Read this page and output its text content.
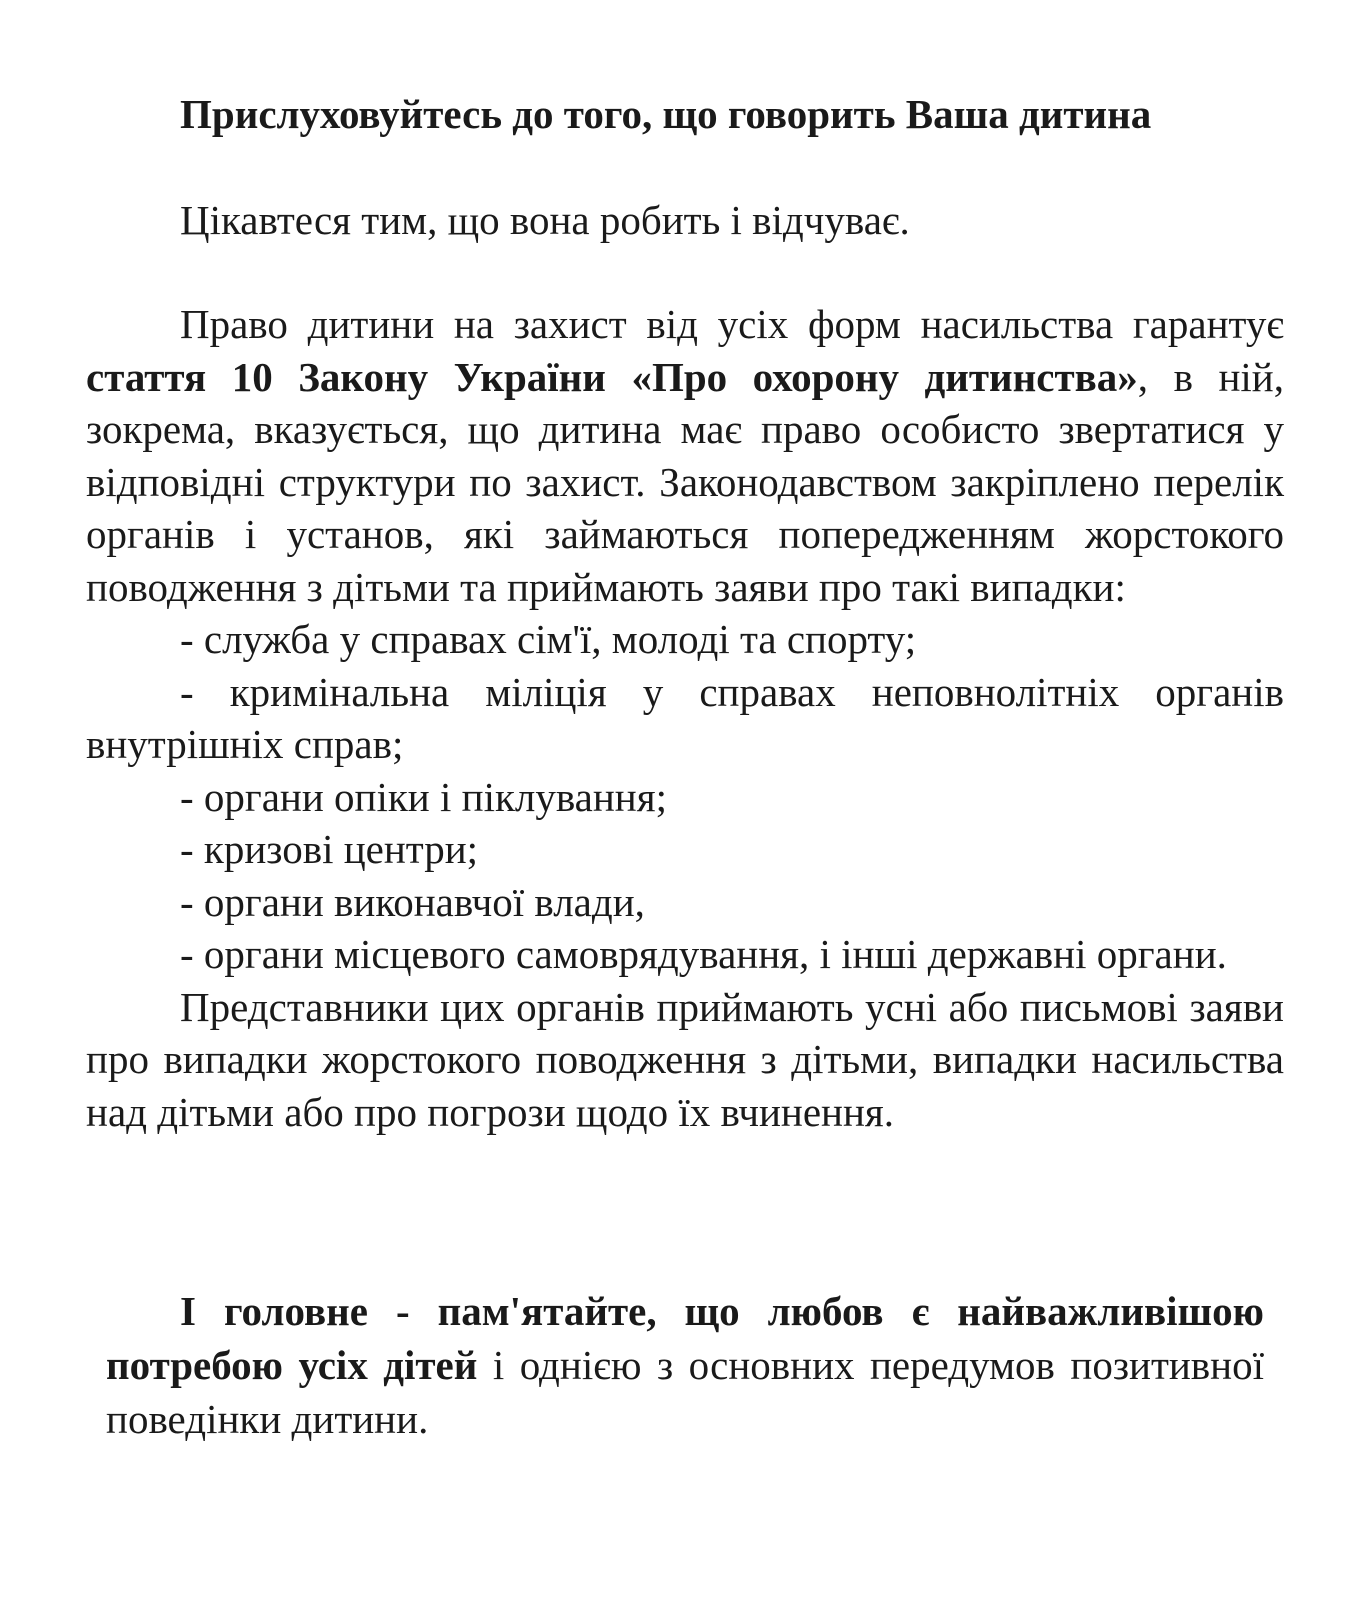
Прислуховуйтесь до того, що говорить Ваша дитина

Цікавтеся тим, що вона робить і відчуває.

Право дитини на захист від усіх форм насильства гарантує стаття 10 Закону України «Про охорону дитинства», в ній, зокрема, вказується, що дитина має право особисто звертатися у відповідні структури по захист. Законодавством закріплено перелік органів і установ, які займаються попередженням жорстокого поводження з дітьми та приймають заяви про такі випадки:

- служба у справах сім'ї, молоді та спорту;
- кримінальна міліція у справах неповнолітніх органів внутрішніх справ;
- органи опіки і піклування;
- кризові центри;
- органи виконавчої влади,
- органи місцевого самоврядування, і інші державні органи.

Представники цих органів приймають усні або письмові заяви про випадки жорстокого поводження з дітьми, випадки насильства над дітьми або про погрози щодо їх вчинення.

І головне - пам'ятайте, що любов є найважливішою потребою усіх дітей і однією з основних передумов позитивної поведінки дитини.
